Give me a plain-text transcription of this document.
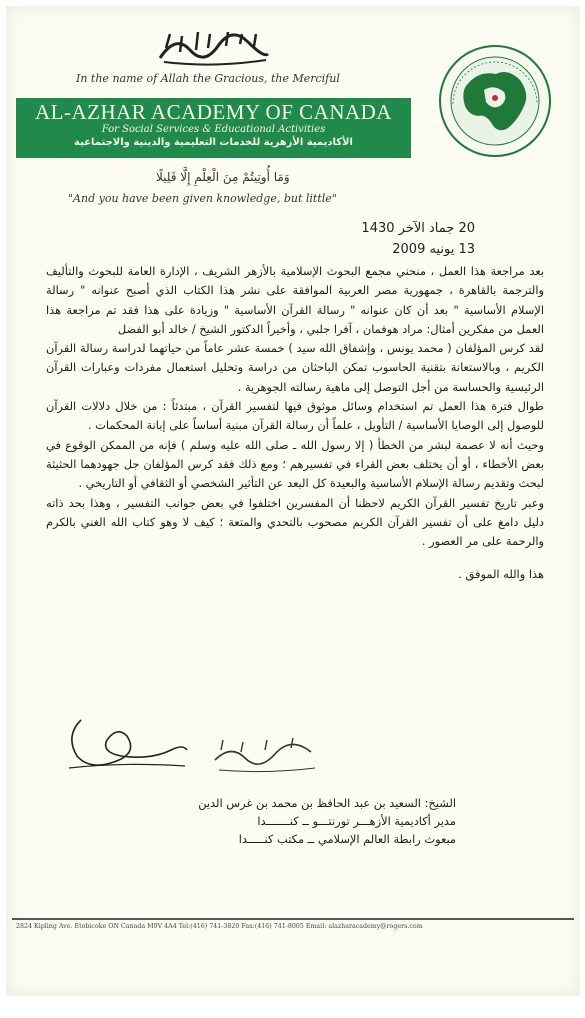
In the name of Allah the Gracious, the Merciful
AL-AZHAR ACADEMY OF CANADA
For Social Services & Educational Activities
الأكاديمية الأزهرية للخدمات التعليمية والدينية والاجتماعية
وَمَا أُوتِيتُمْ مِنَ الْعِلْمِ إِلَّا قَلِيلًا
"And you have been given knowledge, but little"
20 جماد الآخر 1430
13 يونيه 2009

بعد مراجعة هذا العمل ، منحني مجمع البحوث الإسلامية بالأزهر الشريف ، الإدارة العامة للبحوث والتأليف والترجمة بالقاهرة ، جمهورية مصر العربية الموافقة على نشر هذا الكتاب الذي أصبح عنوانه " رسالة الإسلام الأساسية " بعد أن كان عنوانه " رسالة القرآن الأساسية " وزيادة على هذا فقد تم مراجعة هذا العمل من مفكرين أمثال: مراد هوفمان ، آفرا جلبي ، وأخيراً الدكتور الشيخ / خالد أبو الفضل

لقد كرس المؤلفان ( محمد يونس ، وإشفاق الله سيد ) خمسة عشر عاماً من حياتهما لدراسة رسالة القرآن الكريم ، وبالاستعانة بتقنية الحاسوب تمكن الباحثان من دراسة وتحليل استعمال مفردات وعبارات القرآن الرئيسية والحساسة من أجل التوصل إلى ماهية رسالته الجوهرية .

طوال فترة هذا العمل تم استخدام وسائل موثوق فيها لتفسير القرآن ، مبتدئاً : من خلال دلالات القرآن للوصول إلى الوصايا الأساسية / التأويل ، علماً أن رسالة القرآن مبنية أساساً على إبانة المحكمات .

وحيث أنه لا عصمة لبشر من الخطأ ( إلا رسول الله ـ صلى الله عليه وسلم ) فإنه من الممكن الوقوع في بعض الأخطاء ، أو أن يختلف بعض القراء في تفسيرهم ؛ ومع ذلك فقد كرس المؤلفان جل جهودهما الحثيثة لبحث وتقديم رسالة الإسلام الأساسية والبعيدة كل البعد عن التأثير الشخصي أو الثقافي أو التاريخي .

وعبر تاريخ تفسير القرآن الكريم لاحظنا أن المفسرين اختلفوا في بعض جوانب التفسير ، وهذا بحد ذاته دليل دامغ على أن تفسير القرآن الكريم مصحوب بالتحدي والمتعة ؛ كيف لا وهو كتاب الله الغني بالكرم والرحمة على مر العصور .

هذا والله الموفق .

الشيخ: السعيد بن عبد الحافظ بن محمد بن غرس الدين
مدير أكاديمية الأزهـــر تورنتـــو ــ كنـــــــدا
مبعوث رابطة العالم الإسلامي ــ مكتب كنـــــدا
2824 Kipling Ave. Etobicoke ON Canada M9V 4A4 Tel:(416) 741-3820 Fax:(416) 741-8005 Email: alazharacademy@rogers.com
